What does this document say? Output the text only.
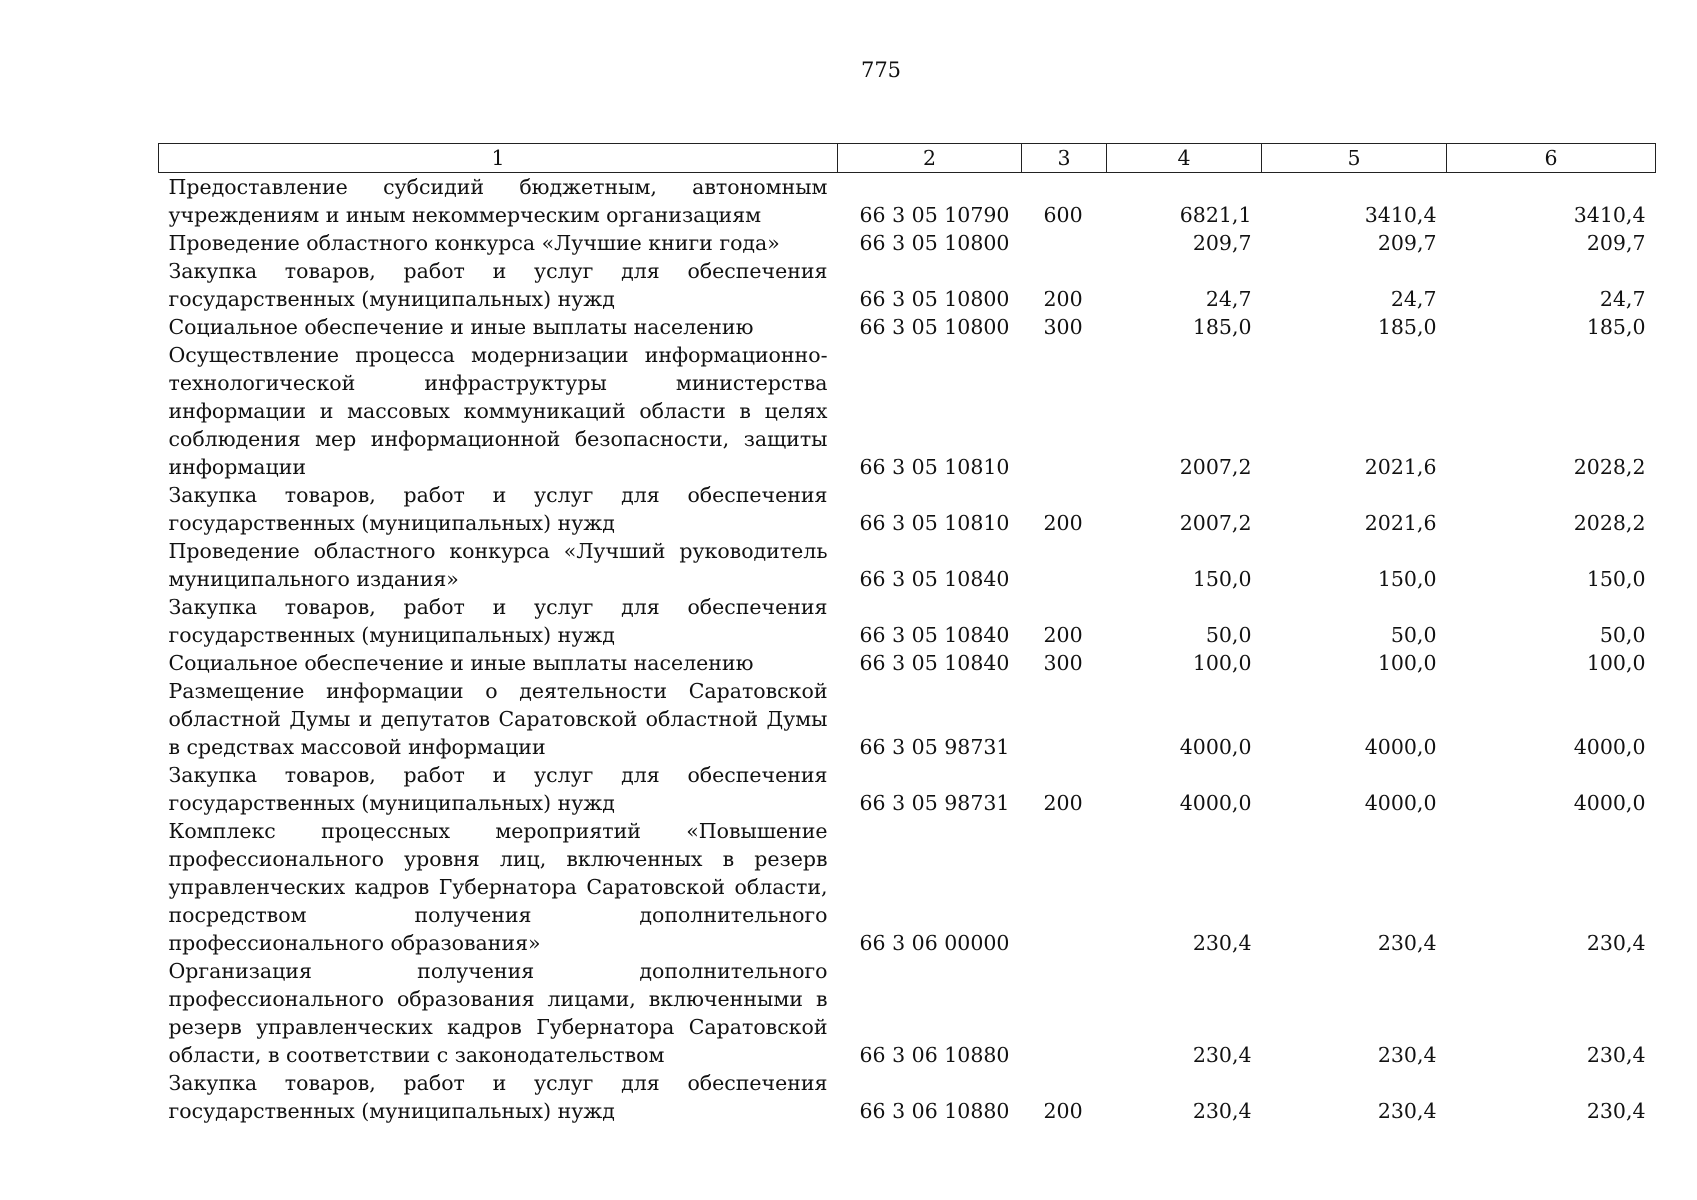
775
1	2	3	4	5	6
Предоставление субсидий бюджетным, автономным учреждениям и иным некоммерческим организациям	66 3 05 10790	600	6821,1	3410,4	3410,4
Проведение областного конкурса «Лучшие книги года»	66 3 05 10800		209,7	209,7	209,7
Закупка товаров, работ и услуг для обеспечения государственных (муниципальных) нужд	66 3 05 10800	200	24,7	24,7	24,7
Социальное обеспечение и иные выплаты населению	66 3 05 10800	300	185,0	185,0	185,0
Осуществление процесса модернизации информационно-технологической инфраструктуры министерства информации и массовых коммуникаций области в целях соблюдения мер информационной безопасности, защиты информации	66 3 05 10810		2007,2	2021,6	2028,2
Закупка товаров, работ и услуг для обеспечения государственных (муниципальных) нужд	66 3 05 10810	200	2007,2	2021,6	2028,2
Проведение областного конкурса «Лучший руководитель муниципального издания»	66 3 05 10840		150,0	150,0	150,0
Закупка товаров, работ и услуг для обеспечения государственных (муниципальных) нужд	66 3 05 10840	200	50,0	50,0	50,0
Социальное обеспечение и иные выплаты населению	66 3 05 10840	300	100,0	100,0	100,0
Размещение информации о деятельности Саратовской областной Думы и депутатов Саратовской областной Думы в средствах массовой информации	66 3 05 98731		4000,0	4000,0	4000,0
Закупка товаров, работ и услуг для обеспечения государственных (муниципальных) нужд	66 3 05 98731	200	4000,0	4000,0	4000,0
Комплекс процессных мероприятий «Повышение профессионального уровня лиц, включенных в резерв управленческих кадров Губернатора Саратовской области, посредством получения дополнительного профессионального образования»	66 3 06 00000		230,4	230,4	230,4
Организация получения дополнительного профессионального образования лицами, включенными в резерв управленческих кадров Губернатора Саратовской области, в соответствии с законодательством	66 3 06 10880		230,4	230,4	230,4
Закупка товаров, работ и услуг для обеспечения государственных (муниципальных) нужд	66 3 06 10880	200	230,4	230,4	230,4
